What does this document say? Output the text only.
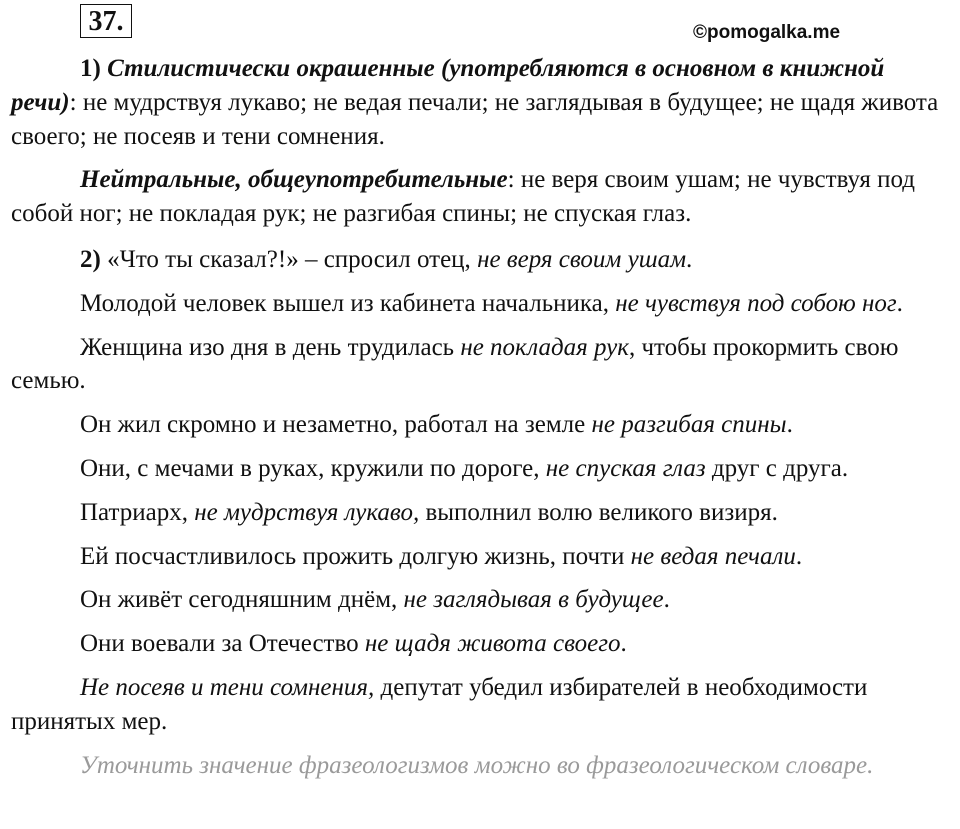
37.	©pomogalka.me

1) Стилистически окрашенные (употребляются в основном в книжной речи): не мудрствуя лукаво; не ведая печали; не заглядывая в будущее; не щадя живота своего; не посеяв и тени сомнения.

Нейтральные, общеупотребительные: не веря своим ушам; не чувствуя под собой ног; не покладая рук; не разгибая спины; не спуская глаз.

2) «Что ты сказал?!» – спросил отец, не веря своим ушам.

Молодой человек вышел из кабинета начальника, не чувствуя под собою ног.

Женщина изо дня в день трудилась не покладая рук, чтобы прокормить свою семью.

Он жил скромно и незаметно, работал на земле не разгибая спины.

Они, с мечами в руках, кружили по дороге, не спуская глаз друг с друга.

Патриарх, не мудрствуя лукаво, выполнил волю великого визиря.

Ей посчастливилось прожить долгую жизнь, почти не ведая печали.

Он живёт сегодняшним днём, не заглядывая в будущее.

Они воевали за Отечество не щадя живота своего.

Не посеяв и тени сомнения, депутат убедил избирателей в необходимости принятых мер.

Уточнить значение фразеологизмов можно во фразеологическом словаре.
